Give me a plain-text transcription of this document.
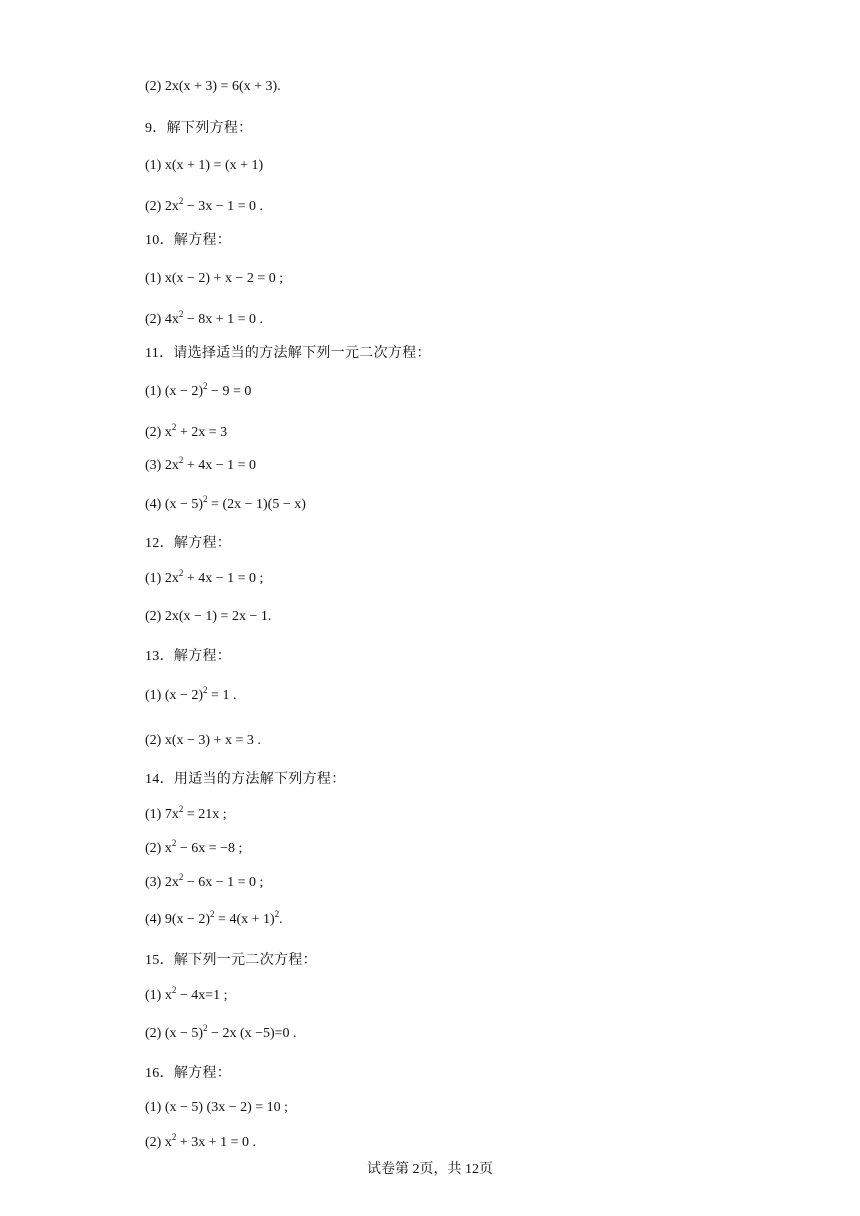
(2) 2x(x + 3) = 6(x + 3).
9．解下列方程：
(1) x(x + 1) = (x + 1)
(2) $2x^2 - 3x - 1 = 0$ .
10．解方程：
(1) x(x − 2) + x − 2 = 0 ;
(2) $4x^2 - 8x + 1 = 0$ .
11．请选择适当的方法解下列一元二次方程：
(1) $(x - 2)^2 - 9 = 0$
(2) $x^2 + 2x = 3$
(3) $2x^2 + 4x - 1 = 0$
(4) $(x - 5)^2 = (2x - 1)(5 - x)$
12．解方程：
(1) $2x^2 + 4x - 1 = 0$ ;
(2) 2x(x − 1) = 2x − 1.
13．解方程：
(1) $(x - 2)^2 = 1$ .
(2) x(x − 3) + x = 3 .
14．用适当的方法解下列方程：
(1) $7x^2 = 21x$ ;
(2) $x^2 - 6x = -8$ ;
(3) $2x^2 - 6x - 1 = 0$ ;
(4) $9(x - 2)^2 = 4(x + 1)^2$.
15．解下列一元二次方程：
(1) $x^2 - 4x=1$ ;
(2) $(x - 5)^2 - 2x$ (x −5)=0 .
16．解方程：
(1) (x − 5) (3x − 2) = 10 ;
(2) $x^2 + 3x + 1 = 0$ .
试卷第 2页，共 12页
